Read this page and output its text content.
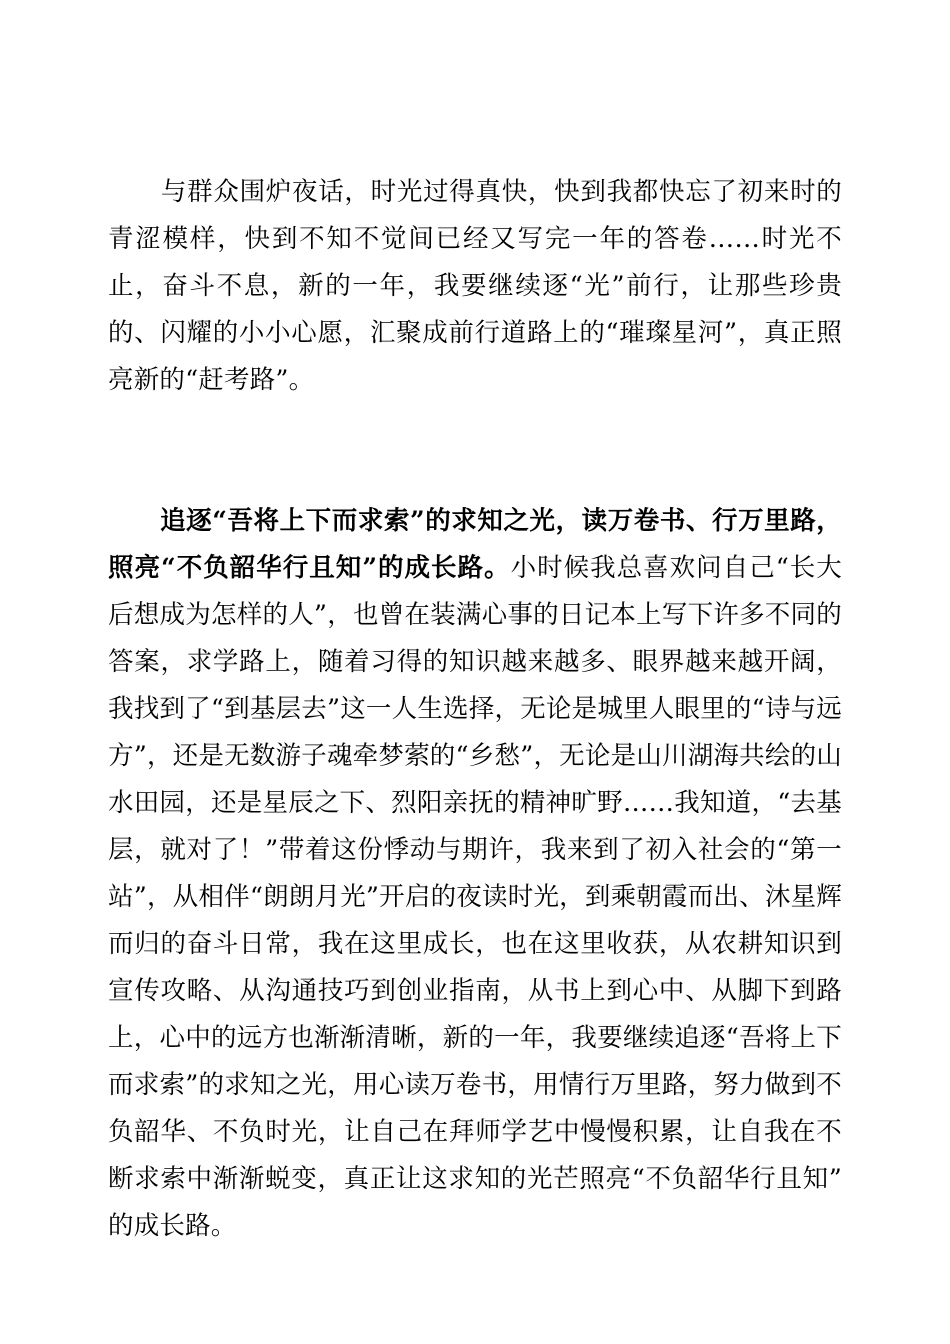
与群众围炉夜话，时光过得真快，快到我都快忘了初来时的青涩模样，快到不知不觉间已经又写完一年的答卷……时光不止，奋斗不息，新的一年，我要继续逐“光”前行，让那些珍贵的、闪耀的小小心愿，汇聚成前行道路上的“璀璨星河”，真正照亮新的“赶考路”。

追逐“吾将上下而求索”的求知之光，读万卷书、行万里路，照亮“不负韶华行且知”的成长路。小时候我总喜欢问自己“长大后想成为怎样的人”，也曾在装满心事的日记本上写下许多不同的答案，求学路上，随着习得的知识越来越多、眼界越来越开阔，我找到了“到基层去”这一人生选择，无论是城里人眼里的“诗与远方”，还是无数游子魂牵梦萦的“乡愁”，无论是山川湖海共绘的山水田园，还是星辰之下、烈阳亲抚的精神旷野……我知道，“去基层，就对了！”带着这份悸动与期许，我来到了初入社会的“第一站”，从相伴“朗朗月光”开启的夜读时光，到乘朝霞而出、沐星辉而归的奋斗日常，我在这里成长，也在这里收获，从农耕知识到宣传攻略、从沟通技巧到创业指南，从书上到心中、从脚下到路上，心中的远方也渐渐清晰，新的一年，我要继续追逐“吾将上下而求索”的求知之光，用心读万卷书，用情行万里路，努力做到不负韶华、不负时光，让自己在拜师学艺中慢慢积累，让自我在不断求索中渐渐蜕变，真正让这求知的光芒照亮“不负韶华行且知”的成长路。
